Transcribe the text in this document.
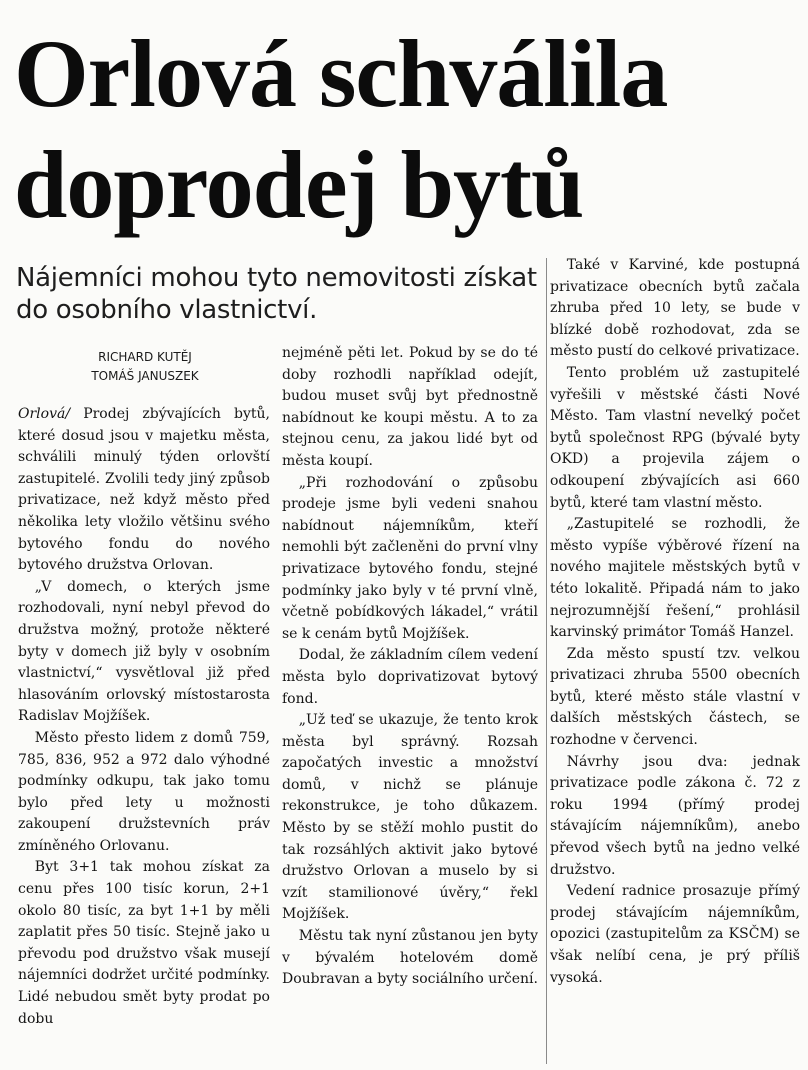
Orlová schválila doprodej bytů
Nájemníci mohou tyto nemovitosti získat do osobního vlastnictví.
RICHARD KUTĚJ
TOMÁŠ JANUSZEK

Orlová/ Prodej zbývajících bytů, které dosud jsou v majetku města, schválili minulý týden orlovští zastupitelé. Zvolili tedy jiný způsob privatizace, než když město před několika lety vložilo většinu svého bytového fondu do nového bytového družstva Orlovan.

„V domech, o kterých jsme rozhodovali, nyní nebyl převod do družstva možný, protože některé byty v domech již byly v osobním vlastnictví,“ vysvětloval již před hlasováním orlovský místostarosta Radislav Mojžíšek.

Město přesto lidem z domů 759, 785, 836, 952 a 972 dalo výhodné podmínky odkupu, tak jako tomu bylo před lety u možnosti zakoupení družstevních práv zmíněného Orlovanu.

Byt 3+1 tak mohou získat za cenu přes 100 tisíc korun, 2+1 okolo 80 tisíc, za byt 1+1 by měli zaplatit přes 50 tisíc. Stejně jako u převodu pod družstvo však musejí nájemníci dodržet určité podmínky. Lidé nebudou smět byty prodat po dobu

nejméně pěti let. Pokud by se do té doby rozhodli například odejít, budou muset svůj byt přednostně nabídnout ke koupi městu. A to za stejnou cenu, za jakou lidé byt od města koupí.

„Při rozhodování o způsobu prodeje jsme byli vedeni snahou nabídnout nájemníkům, kteří nemohli být začleněni do první vlny privatizace bytového fondu, stejné podmínky jako byly v té první vlně, včetně pobídkových lákadel,“ vrátil se k cenám bytů Mojžíšek.

Dodal, že základním cílem vedení města bylo doprivatizovat bytový fond.

„Už teď se ukazuje, že tento krok města byl správný. Rozsah započatých investic a množství domů, v nichž se plánuje rekonstrukce, je toho důkazem. Město by se stěží mohlo pustit do tak rozsáhlých aktivit jako bytové družstvo Orlovan a muselo by si vzít stamilionové úvěry,“ řekl Mojžíšek.

Městu tak nyní zůstanou jen byty v bývalém hotelovém domě Doubravan a byty sociálního určení.

Také v Karviné, kde postupná privatizace obecních bytů začala zhruba před 10 lety, se bude v blízké době rozhodovat, zda se město pustí do celkové privatizace.

Tento problém už zastupitelé vyřešili v městské části Nové Město. Tam vlastní nevelký počet bytů společnost RPG (bývalé byty OKD) a projevila zájem o odkoupení zbývajících asi 660 bytů, které tam vlastní město.

„Zastupitelé se rozhodli, že město vypíše výběrové řízení na nového majitele městských bytů v této lokalitě. Připadá nám to jako nejrozumnější řešení,“ prohlásil karvinský primátor Tomáš Hanzel.

Zda město spustí tzv. velkou privatizaci zhruba 5500 obecních bytů, které město stále vlastní v dalších městských částech, se rozhodne v červenci.

Návrhy jsou dva: jednak privatizace podle zákona č. 72 z roku 1994 (přímý prodej stávajícím nájemníkům), anebo převod všech bytů na jedno velké družstvo.

Vedení radnice prosazuje přímý prodej stávajícím nájemníkům, opozici (zastupitelům za KSČM) se však nelíbí cena, je prý příliš vysoká.
